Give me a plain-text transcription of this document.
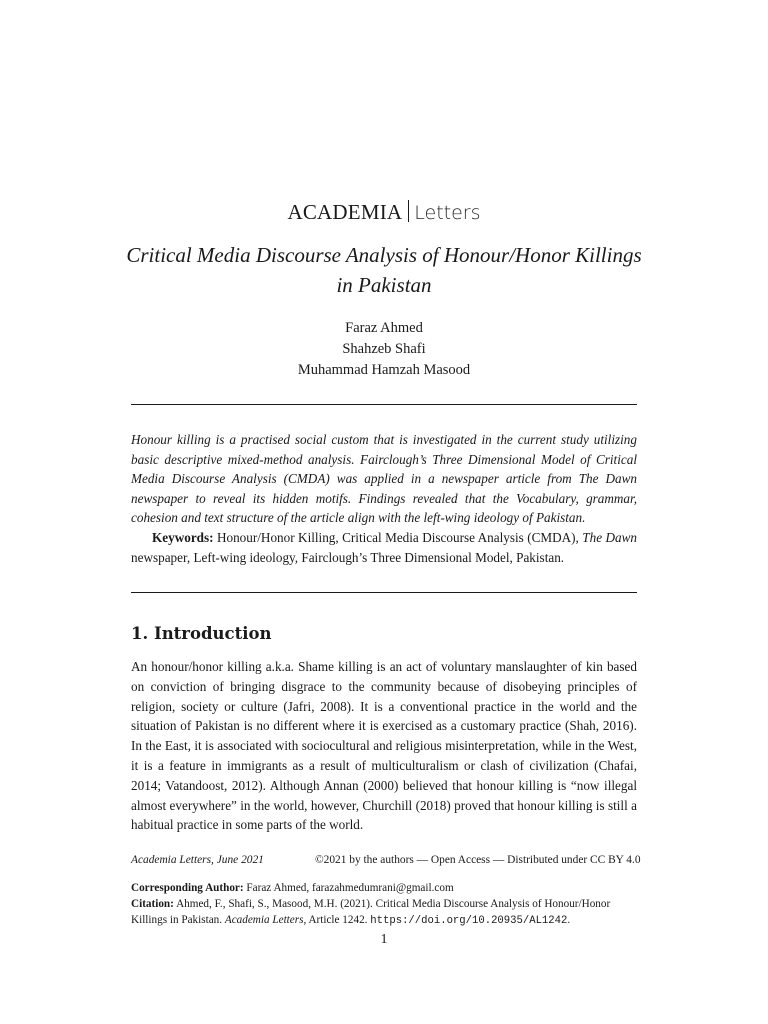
ACADEMIA Letters
Critical Media Discourse Analysis of Honour/Honor Killings in Pakistan
Faraz Ahmed
Shahzeb Shafi
Muhammad Hamzah Masood
Honour killing is a practised social custom that is investigated in the current study utilizing basic descriptive mixed-method analysis. Fairclough’s Three Dimensional Model of Critical Media Discourse Analysis (CMDA) was applied in a newspaper article from The Dawn newspaper to reveal its hidden motifs. Findings revealed that the Vocabulary, grammar, cohesion and text structure of the article align with the left-wing ideology of Pakistan.
Keywords: Honour/Honor Killing, Critical Media Discourse Analysis (CMDA), The Dawn newspaper, Left-wing ideology, Fairclough’s Three Dimensional Model, Pakistan.
1. Introduction
An honour/honor killing a.k.a. Shame killing is an act of voluntary manslaughter of kin based on conviction of bringing disgrace to the community because of disobeying principles of religion, society or culture (Jafri, 2008). It is a conventional practice in the world and the situation of Pakistan is no different where it is exercised as a customary practice (Shah, 2016). In the East, it is associated with sociocultural and religious misinterpretation, while in the West, it is a feature in immigrants as a result of multiculturalism or clash of civilization (Chafai, 2014; Vatandoost, 2012). Although Annan (2000) believed that honour killing is “now illegal almost everywhere” in the world, however, Churchill (2018) proved that honour killing is still a habitual practice in some parts of the world.
Academia Letters, June 2021	©2021 by the authors — Open Access — Distributed under CC BY 4.0
Corresponding Author: Faraz Ahmed, farazahmedumrani@gmail.com
Citation: Ahmed, F., Shafi, S., Masood, M.H. (2021). Critical Media Discourse Analysis of Honour/Honor Killings in Pakistan. Academia Letters, Article 1242. https://doi.org/10.20935/AL1242.
1
